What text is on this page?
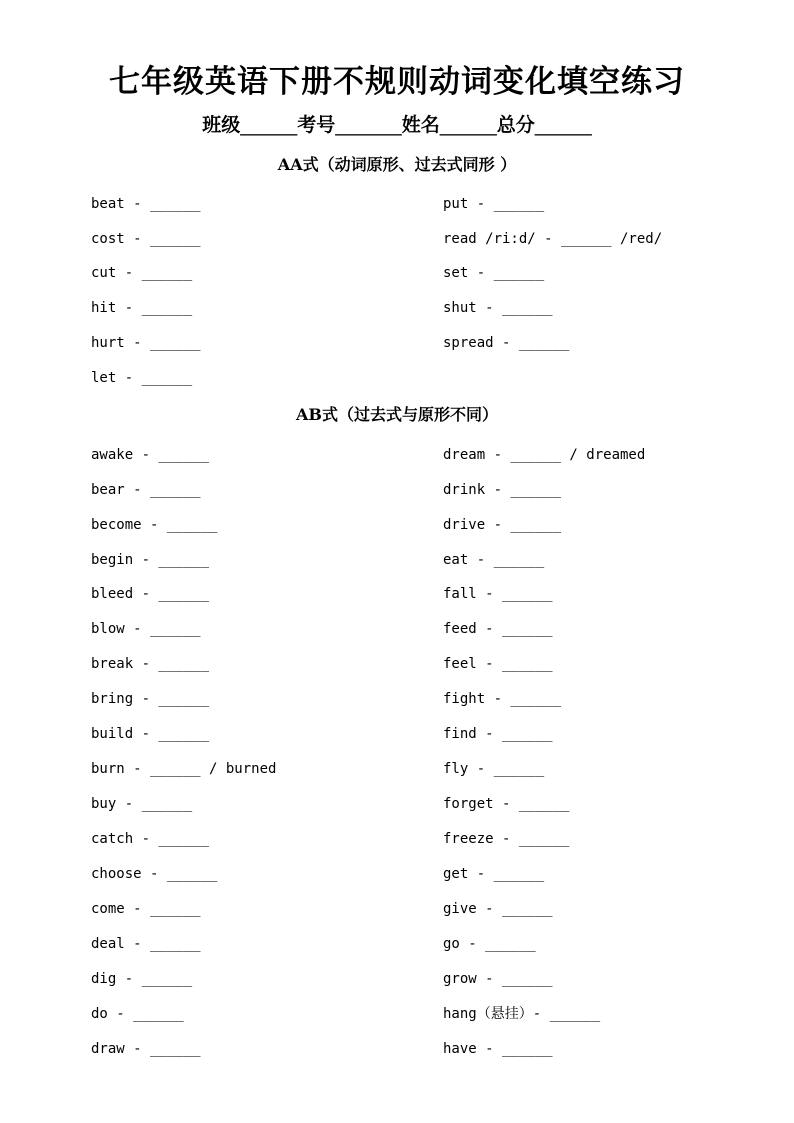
七年级英语下册不规则动词变化填空练习
班级______考号_______姓名______总分______
AA式（动词原形、过去式同形 ）
beat - ______	put - ______
cost - ______	read /ri:d/ - ______ /red/
cut - ______	set - ______
hit - ______	shut - ______
hurt - ______	spread - ______
let - ______
AB式（过去式与原形不同）
awake - ______	dream - ______ / dreamed
bear - ______	drink - ______
become - ______	drive - ______
begin - ______	eat - ______
bleed - ______	fall - ______
blow - ______	feed - ______
break - ______	feel - ______
bring - ______	fight - ______
build - ______	find - ______
burn - ______ / burned	fly - ______
buy - ______	forget - ______
catch - ______	freeze - ______
choose - ______	get - ______
come - ______	give - ______
deal - ______	go - ______
dig - ______	grow - ______
do - ______	hang（悬挂）- ______
draw - ______	have - ______
